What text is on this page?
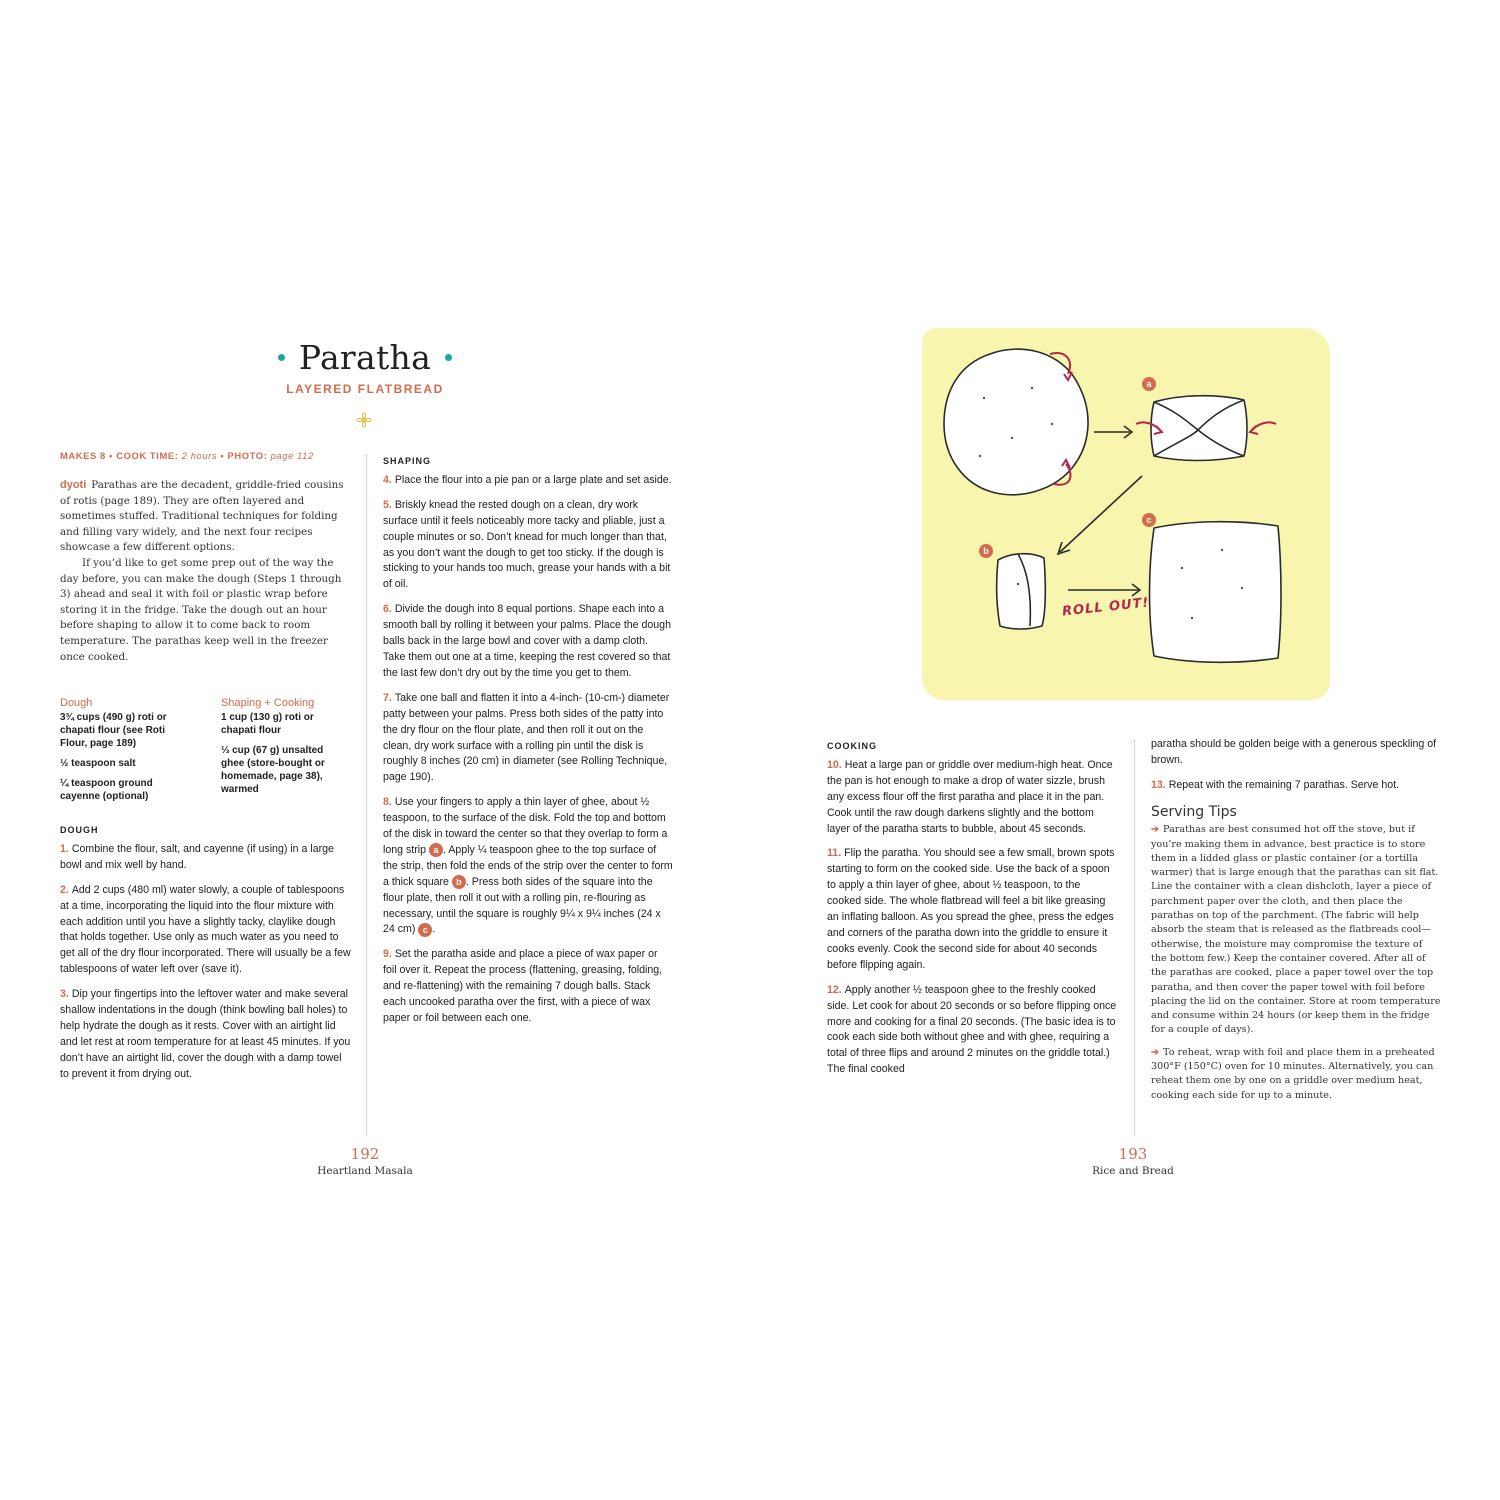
Paratha
LAYERED FLATBREAD
MAKES 8 • COOK TIME: 2 hours • PHOTO: page 112

dyoti Parathas are the decadent, griddle-fried cousins of rotis (page 189). They are often layered and sometimes stuffed. Traditional techniques for folding and filling vary widely, and the next four recipes showcase a few different options.

If you’d like to get some prep out of the way the day before, you can make the dough (Steps 1 through 3) ahead and seal it with foil or plastic wrap before storing it in the fridge. Take the dough out an hour before shaping to allow it to come back to room temperature. The parathas keep well in the freezer once cooked.

Dough
3¾ cups (490 g) roti or chapati flour (see Roti Flour, page 189)
½ teaspoon salt
¼ teaspoon ground cayenne (optional)
Shaping + Cooking
1 cup (130 g) roti or chapati flour
⅓ cup (67 g) unsalted ghee (store-bought or homemade, page 38), warmed
DOUGH
1. Combine the flour, salt, and cayenne (if using) in a large bowl and mix well by hand.
2. Add 2 cups (480 ml) water slowly, a couple of tablespoons at a time, incorporating the liquid into the flour mixture with each addition until you have a slightly tacky, claylike dough that holds together. Use only as much water as you need to get all of the dry flour incorporated. There will usually be a few tablespoons of water left over (save it).
3. Dip your fingertips into the leftover water and make several shallow indentations in the dough (think bowling ball holes) to help hydrate the dough as it rests. Cover with an airtight lid and let rest at room temperature for at least 45 minutes. If you don’t have an airtight lid, cover the dough with a damp towel to prevent it from drying out.
SHAPING
4. Place the flour into a pie pan or a large plate and set aside.
5. Briskly knead the rested dough on a clean, dry work surface until it feels noticeably more tacky and pliable, just a couple minutes or so. Don’t knead for much longer than that, as you don’t want the dough to get too sticky. If the dough is sticking to your hands too much, grease your hands with a bit of oil.
6. Divide the dough into 8 equal portions. Shape each into a smooth ball by rolling it between your palms. Place the dough balls back in the large bowl and cover with a damp cloth. Take them out one at a time, keeping the rest covered so that the last few don’t dry out by the time you get to them.
7. Take one ball and flatten it into a 4-inch- (10-cm-) diameter patty between your palms. Press both sides of the patty into the dry flour on the flour plate, and then roll it out on the clean, dry work surface with a rolling pin until the disk is roughly 8 inches (20 cm) in diameter (see Rolling Technique, page 190).
8. Use your fingers to apply a thin layer of ghee, about ½ teaspoon, to the surface of the disk. Fold the top and bottom of the disk in toward the center so that they overlap to form a long strip a . Apply ¼ teaspoon ghee to the top surface of the strip, then fold the ends of the strip over the center to form a thick square b . Press both sides of the square into the flour plate, then roll it out with a rolling pin, re-flouring as necessary, until the square is roughly 9¼ x 9¼ inches (24 x 24 cm) c .
9. Set the paratha aside and place a piece of wax paper or foil over it. Repeat the process (flattening, greasing, folding, and re-flattening) with the remaining 7 dough balls. Stack each uncooked paratha over the first, with a piece of wax paper or foil between each one.
192
Heartland Masala
a
b
c
ROLL OUT!
COOKING
10. Heat a large pan or griddle over medium-high heat. Once the pan is hot enough to make a drop of water sizzle, brush any excess flour off the first paratha and place it in the pan. Cook until the raw dough darkens slightly and the bottom layer of the paratha starts to bubble, about 45 seconds.
11. Flip the paratha. You should see a few small, brown spots starting to form on the cooked side. Use the back of a spoon to apply a thin layer of ghee, about ½ teaspoon, to the cooked side. The whole flatbread will feel a bit like greasing an inflating balloon. As you spread the ghee, press the edges and corners of the paratha down into the griddle to ensure it cooks evenly. Cook the second side for about 40 seconds before flipping again.
12. Apply another ½ teaspoon ghee to the freshly cooked side. Let cook for about 20 seconds or so before flipping once more and cooking for a final 20 seconds. (The basic idea is to cook each side both without ghee and with ghee, requiring a total of three flips and around 2 minutes on the griddle total.) The final cooked
paratha should be golden beige with a generous speckling of brown.
13. Repeat with the remaining 7 parathas. Serve hot.
Serving Tips
➔ Parathas are best consumed hot off the stove, but if you’re making them in advance, best practice is to store them in a lidded glass or plastic container (or a tortilla warmer) that is large enough that the parathas can sit flat. Line the container with a clean dishcloth, layer a piece of parchment paper over the cloth, and then place the parathas on top of the parchment. (The fabric will help absorb the steam that is released as the flatbreads cool—otherwise, the moisture may compromise the texture of the bottom few.) Keep the container covered. After all of the parathas are cooked, place a paper towel over the top paratha, and then cover the paper towel with foil before placing the lid on the container. Store at room temperature and consume within 24 hours (or keep them in the fridge for a couple of days).
➔ To reheat, wrap with foil and place them in a preheated 300°F (150°C) oven for 10 minutes. Alternatively, you can reheat them one by one on a griddle over medium heat, cooking each side for up to a minute.
193
Rice and Bread
